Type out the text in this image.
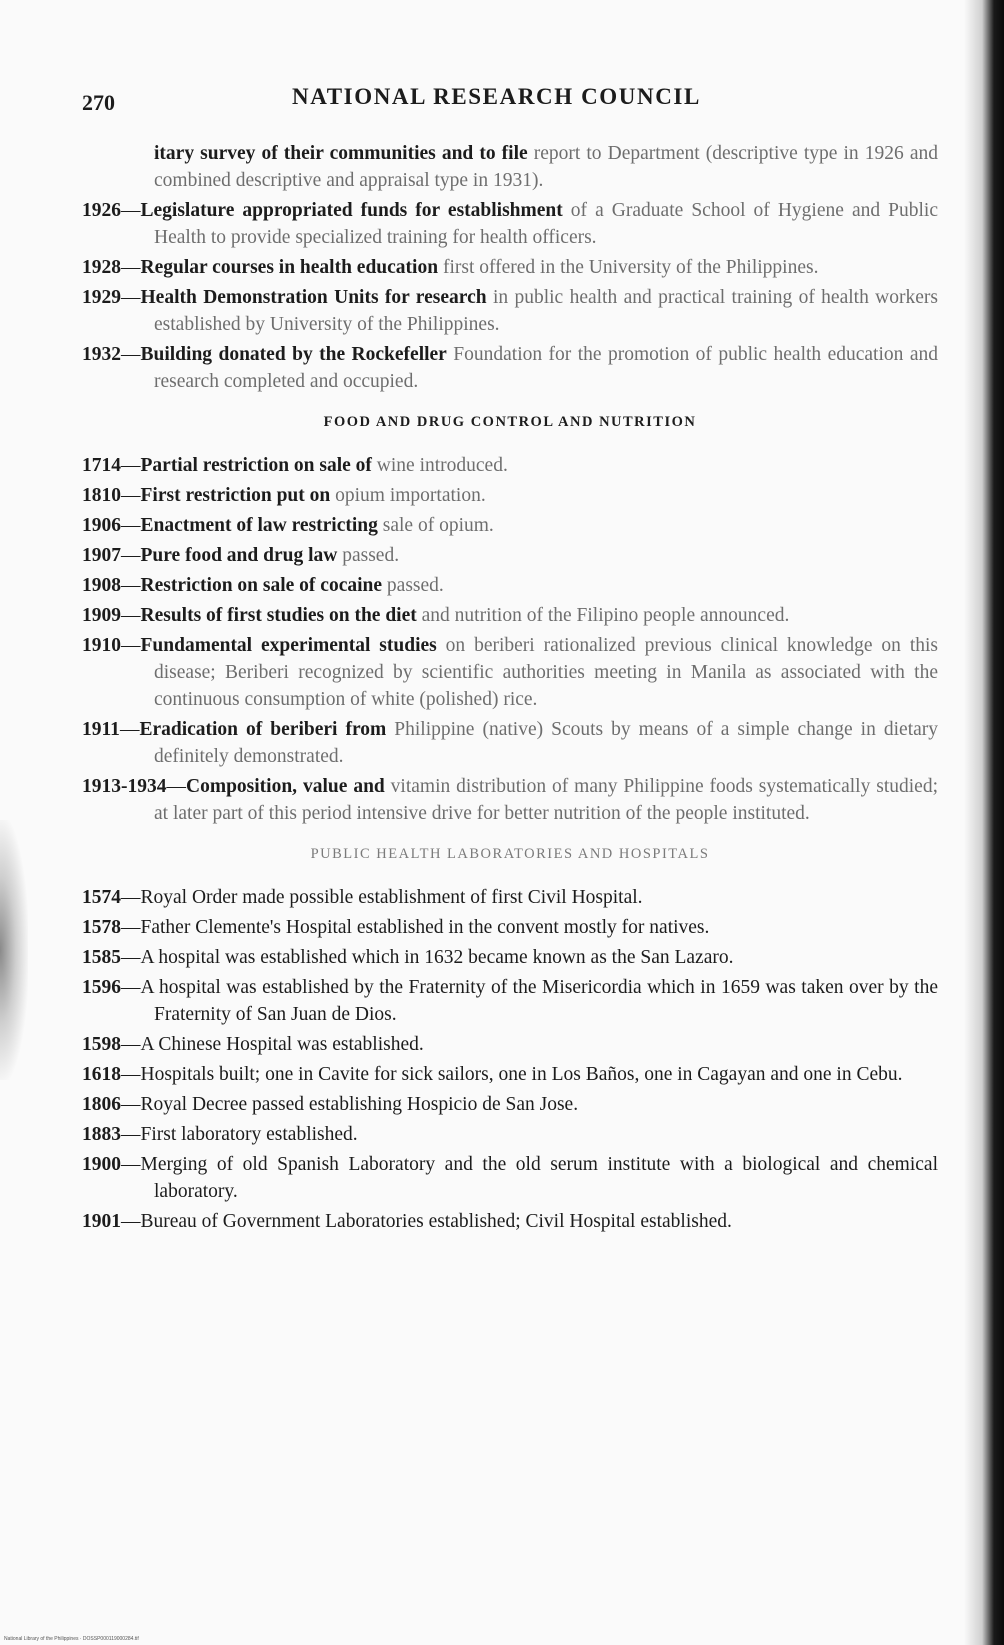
270	NATIONAL RESEARCH COUNCIL

itary survey of their communities and to file report to Department (descriptive type in 1926 and combined descriptive and appraisal type in 1931).

1926—Legislature appropriated funds for establishment of a Graduate School of Hygiene and Public Health to provide specialized training for health officers.

1928—Regular courses in health education first offered in the University of the Philippines.

1929—Health Demonstration Units for research in public health and practical training of health workers established by University of the Philippines.

1932—Building donated by the Rockefeller Foundation for the promotion of public health education and research completed and occupied.

FOOD AND DRUG CONTROL AND NUTRITION

1714—Partial restriction on sale of wine introduced.

1810—First restriction put on opium importation.

1906—Enactment of law restricting sale of opium.

1907—Pure food and drug law passed.

1908—Restriction on sale of cocaine passed.

1909—Results of first studies on the diet and nutrition of the Filipino people announced.

1910—Fundamental experimental studies on beriberi rationalized previous clinical knowledge on this disease; Beriberi recognized by scientific authorities meeting in Manila as associated with the continuous consumption of white (polished) rice.

1911—Eradication of beriberi from Philippine (native) Scouts by means of a simple change in dietary definitely demonstrated.

1913-1934—Composition, value and vitamin distribution of many Philippine foods systematically studied; at later part of this period intensive drive for better nutrition of the people instituted.

PUBLIC HEALTH LABORATORIES AND HOSPITALS

1574—Royal Order made possible establishment of first Civil Hospital.

1578—Father Clemente's Hospital established in the convent mostly for natives.

1585—A hospital was established which in 1632 became known as the San Lazaro.

1596—A hospital was established by the Fraternity of the Misericordia which in 1659 was taken over by the Fraternity of San Juan de Dios.

1598—A Chinese Hospital was established.

1618—Hospitals built; one in Cavite for sick sailors, one in Los Baños, one in Cagayan and one in Cebu.

1806—Royal Decree passed establishing Hospicio de San Jose.

1883—First laboratory established.

1900—Merging of old Spanish Laboratory and the old serum institute with a biological and chemical laboratory.

1901—Bureau of Government Laboratories established; Civil Hospital established.

National Library of the Philippines · DOSSP000119000284.tif
